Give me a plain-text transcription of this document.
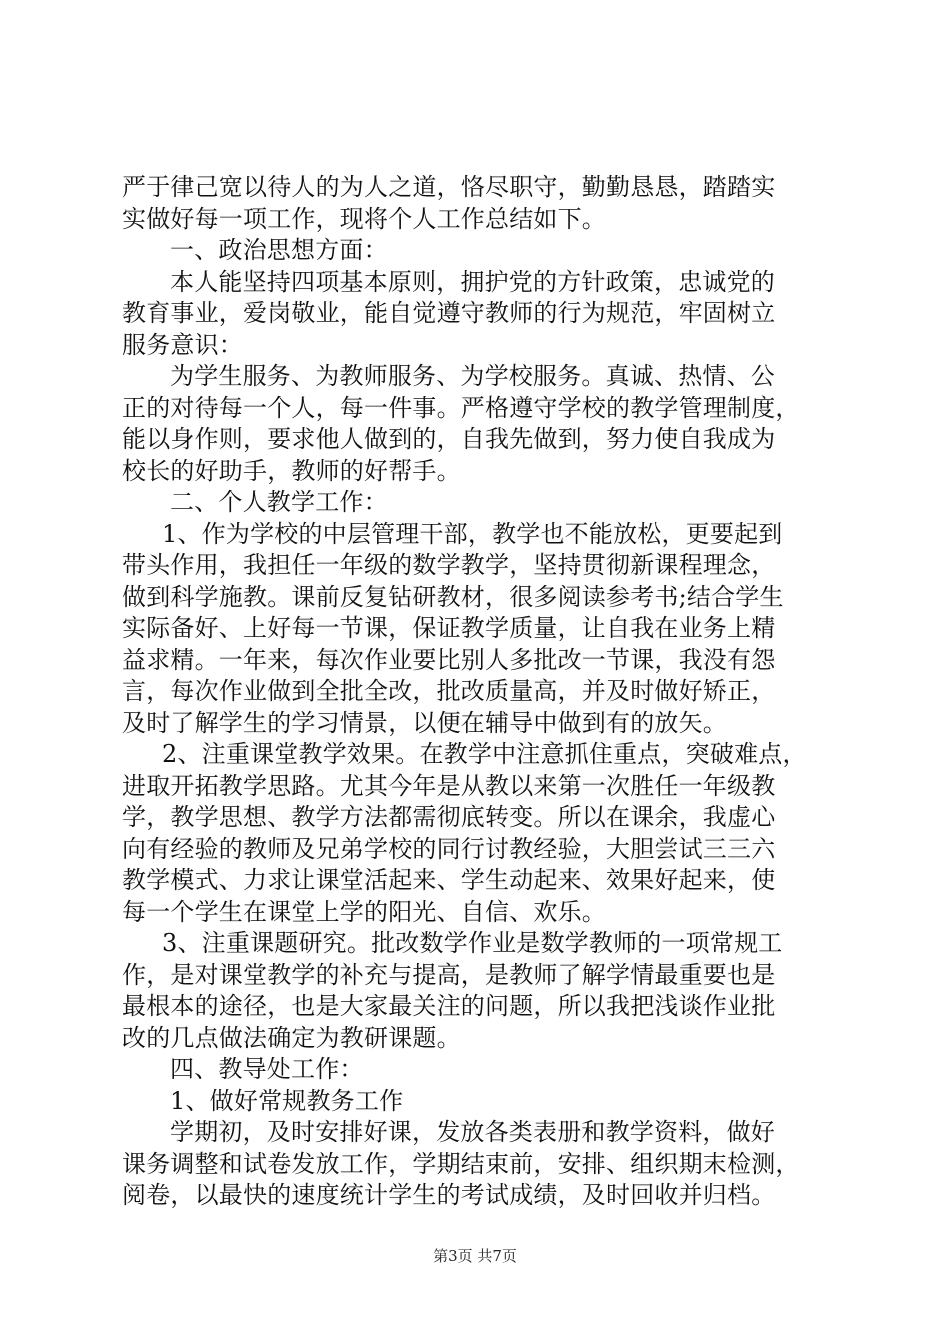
严于律己宽以待人的为人之道，恪尽职守，勤勤恳恳，踏踏实
实做好每一项工作，现将个人工作总结如下。
一、政治思想方面：
本人能坚持四项基本原则，拥护党的方针政策，忠诚党的
教育事业，爱岗敬业，能自觉遵守教师的行为规范，牢固树立
服务意识：
为学生服务、为教师服务、为学校服务。真诚、热情、公
正的对待每一个人，每一件事。严格遵守学校的教学管理制度，
能以身作则，要求他人做到的，自我先做到，努力使自我成为
校长的好助手，教师的好帮手。
二、个人教学工作：
1、作为学校的中层管理干部，教学也不能放松，更要起到
带头作用，我担任一年级的数学教学，坚持贯彻新课程理念，
做到科学施教。课前反复钻研教材，很多阅读参考书;结合学生
实际备好、上好每一节课，保证教学质量，让自我在业务上精
益求精。一年来，每次作业要比别人多批改一节课，我没有怨
言，每次作业做到全批全改，批改质量高，并及时做好矫正，
及时了解学生的学习情景，以便在辅导中做到有的放矢。
2、注重课堂教学效果。在教学中注意抓住重点，突破难点，
进取开拓教学思路。尤其今年是从教以来第一次胜任一年级教
学，教学思想、教学方法都需彻底转变。所以在课余，我虚心
向有经验的教师及兄弟学校的同行讨教经验，大胆尝试三三六
教学模式、力求让课堂活起来、学生动起来、效果好起来，使
每一个学生在课堂上学的阳光、自信、欢乐。
3、注重课题研究。批改数学作业是数学教师的一项常规工
作，是对课堂教学的补充与提高，是教师了解学情最重要也是
最根本的途径，也是大家最关注的问题，所以我把浅谈作业批
改的几点做法确定为教研课题。
四、教导处工作：
1、做好常规教务工作
学期初，及时安排好课，发放各类表册和教学资料，做好
课务调整和试卷发放工作，学期结束前，安排、组织期末检测，
阅卷，以最快的速度统计学生的考试成绩，及时回收并归档。
第3页 共7页
